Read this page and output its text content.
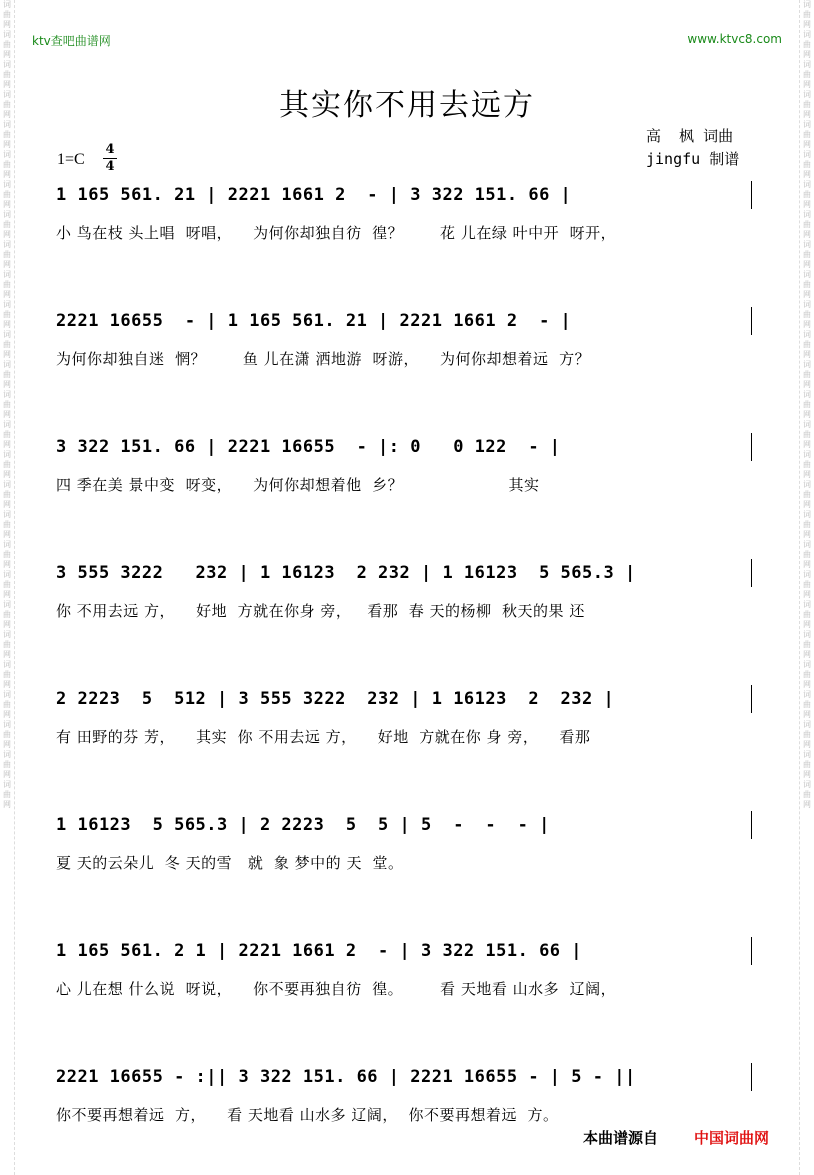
词
曲
网
词
曲
网
词
曲
网
词
曲
网
词
曲
网
词
曲
网
词
曲
网
词
曲
网
词
曲
网
词
曲
网
词
曲
网
词
曲
网
词
曲
网
词
曲
网
词
曲
网
词
曲
网
词
曲
网
词
曲
网
词
曲
网
词
曲
网
词
曲
网
词
曲
网
词
曲
网
词
曲
网
词
曲
网
词
曲
网
词
曲
网
词
曲
网
词
曲
网
词
曲
网
词
曲
网
词
曲
网
词
曲
网
词
曲
网
词
曲
网
词
曲
网
词
曲
网
词
曲
网
词
曲
网
词
曲
网
词
曲
网
词
曲
网
词
曲
网
词
曲
网
词
曲
网
词
曲
网
词
曲
网
词
曲
网
词
曲
网
词
曲
网
词
曲
网
词
曲
网
词
曲
网
词
曲
网
ktv查吧曲谱网	www.ktvc8.com
其实你不用去远方
高  枫 词曲
jingfu 制谱
1=C
4
4
1 165 561. 21 | 2221 1661 2  - | 3 322 151. 66 |
小 鸟在枝 头上唱  呀唱，    为何你却独自彷  徨？       花 儿在绿 叶中开  呀开，
2221 16655  - | 1 165 561. 21 | 2221 1661 2  - |
为何你却独自迷  惘？       鱼 儿在潇 洒地游  呀游，    为何你却想着远  方？
3 322 151. 66 | 2221 16655  - |: 0   0 122  - |
四 季在美 景中变  呀变，    为何你却想着他  乡？                    其实
3 555 3222   232 | 1 16123  2 232 | 1 16123  5 565.3 |
你 不用去远 方，    好地  方就在你身 旁，   看那  春 天的杨柳  秋天的果 还
2 2223  5  512 | 3 555 3222  232 | 1 16123  2  232 |
有 田野的芬 芳，    其实  你 不用去远 方，    好地  方就在你 身 旁，    看那
1 16123  5 565.3 | 2 2223  5  5 | 5  -  -  - |
夏 天的云朵儿  冬 天的雪   就  象 梦中的 天  堂。
1 165 561. 2 1 | 2221 1661 2  - | 3 322 151. 66 |
心 儿在想 什么说  呀说，    你不要再独自彷  徨。       看 天地看 山水多  辽阔，
2221 16655 - :|| 3 322 151. 66 | 2221 16655 - | 5 - ||
你不要再想着远  方，    看 天地看 山水多 辽阔，  你不要再想着远  方。
本曲谱源自 中国词曲网
